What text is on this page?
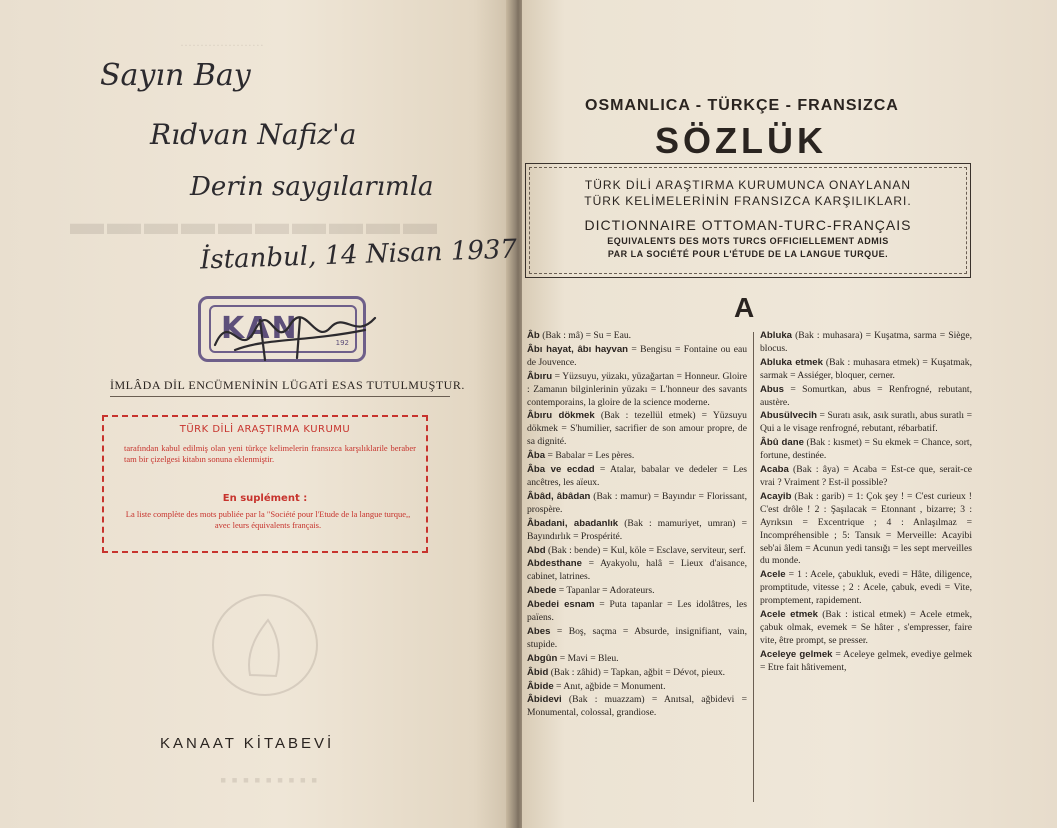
·····················
▬▬▬▬▬▬▬▬▬▬
▪▪▪▪▪▪▪▪▪
Sayın Bay
Rıdvan Nafiz'a
Derin saygılarımla
İstanbul, 14 Nisan 1937
KAN	192
İMLÂDA DİL ENCÜMENİNİN LÜGATİ ESAS TUTULMUŞTUR.
TÜRK DİLİ ARAŞTIRMA KURUMU
tarafından kabul edilmiş olan yeni türkçe kelimelerin fransızca karşılıklarile beraber tam bir çizelgesi kitabın sonuna eklenmiştir.
En suplément :
La liste complète des mots publiée par la "Société pour l'Etude de la langue turque,, avec leurs équivalents français.
KANAAT KİTABEVİ
OSMANLICA - TÜRKÇE - FRANSIZCA
SÖZLÜK
TÜRK DİLİ ARAŞTIRMA KURUMUNCA ONAYLANAN
TÜRK KELİMELERİNİN FRANSIZCA KARŞILIKLARI.
DICTIONNAIRE OTTOMAN-TURC-FRANÇAIS
EQUIVALENTS DES MOTS TURCS OFFICIELLEMENT ADMIS
PAR LA SOCIÉTÉ POUR L'ÉTUDE DE LA LANGUE TURQUE.
A
Âb (Bak : mâ) = Su = Eau.
Âbı hayat, âbı hayvan = Bengisu = Fontaine ou eau de Jouvence.
Âbıru = Yüzsuyu, yüzakı, yüzağartan = Honneur. Gloire : Zamanın bilginlerinin yüzakı = L'honneur des savants contemporains, la gloire de la science moderne.
Âbıru dökmek (Bak : tezellül etmek) = Yüzsuyu dökmek = S'humilier, sacrifier de son amour propre, de sa dignité.
Âba = Babalar = Les pères.
Âba ve ecdad = Atalar, babalar ve dedeler = Les ancêtres, les aïeux.
Âbâd, âbâdan (Bak : mamur) = Bayındır = Florissant, prospère.
Âbadani, abadanlık (Bak : mamuriyet, umran) = Bayındırlık = Prospérité.
Abd (Bak : bende) = Kul, köle = Esclave, serviteur, serf.
Abdesthane = Ayakyolu, halâ = Lieux d'aisance, cabinet, latrines.
Abede = Tapanlar = Adorateurs.
Abedei esnam = Puta tapanlar = Les idolâtres, les païens.
Abes = Boş, saçma = Absurde, insignifiant, vain, stupide.
Abgûn = Mavi = Bleu.
Âbid (Bak : zâhid) = Tapkan, ağbit = Dévot, pieux.
Âbide = Anıt, ağbide = Monument.
Âbidevi (Bak : muazzam) = Anıtsal, ağbidevi = Monumental, colossal, grandiose.
Abluka (Bak : muhasara) = Kuşatma, sarma = Siège, blocus.
Abluka etmek (Bak : muhasara etmek) = Kuşatmak, sarmak = Assiéger, bloquer, cerner.
Abus = Somurtkan, abus = Renfrogné, rebutant, austère.
Abusülvecih = Suratı asık, asık suratlı, abus suratlı = Qui a le visage renfrogné, rebutant, rébarbatif.
Âbû dane (Bak : kısmet) = Su ekmek = Chance, sort, fortune, destinée.
Acaba (Bak : âya) = Acaba = Est-ce que, serait-ce vrai ? Vraiment ? Est-il possible?
Acayib (Bak : garib) = 1: Çok şey ! = C'est curieux ! C'est drôle ! 2 : Şaşılacak = Etonnant , bizarre; 3 : Ayrıksın = Excentrique ; 4 : Anlaşılmaz = Incompréhensible ; 5: Tansık = Merveille: Acayibi seb'ai âlem = Acunun yedi tansığı = les sept merveilles du monde.
Acele = 1 : Acele, çabukluk, evedi = Hâte, diligence, promptitude, vitesse ; 2 : Acele, çabuk, evedi = Vite, promptement, rapidement.
Acele etmek (Bak : istical etmek) = Acele etmek, çabuk olmak, evemek = Se hâter , s'empresser, faire vite, être prompt, se presser.
Aceleye gelmek = Aceleye gelmek, evediye gelmek = Etre fait hâtivement,
